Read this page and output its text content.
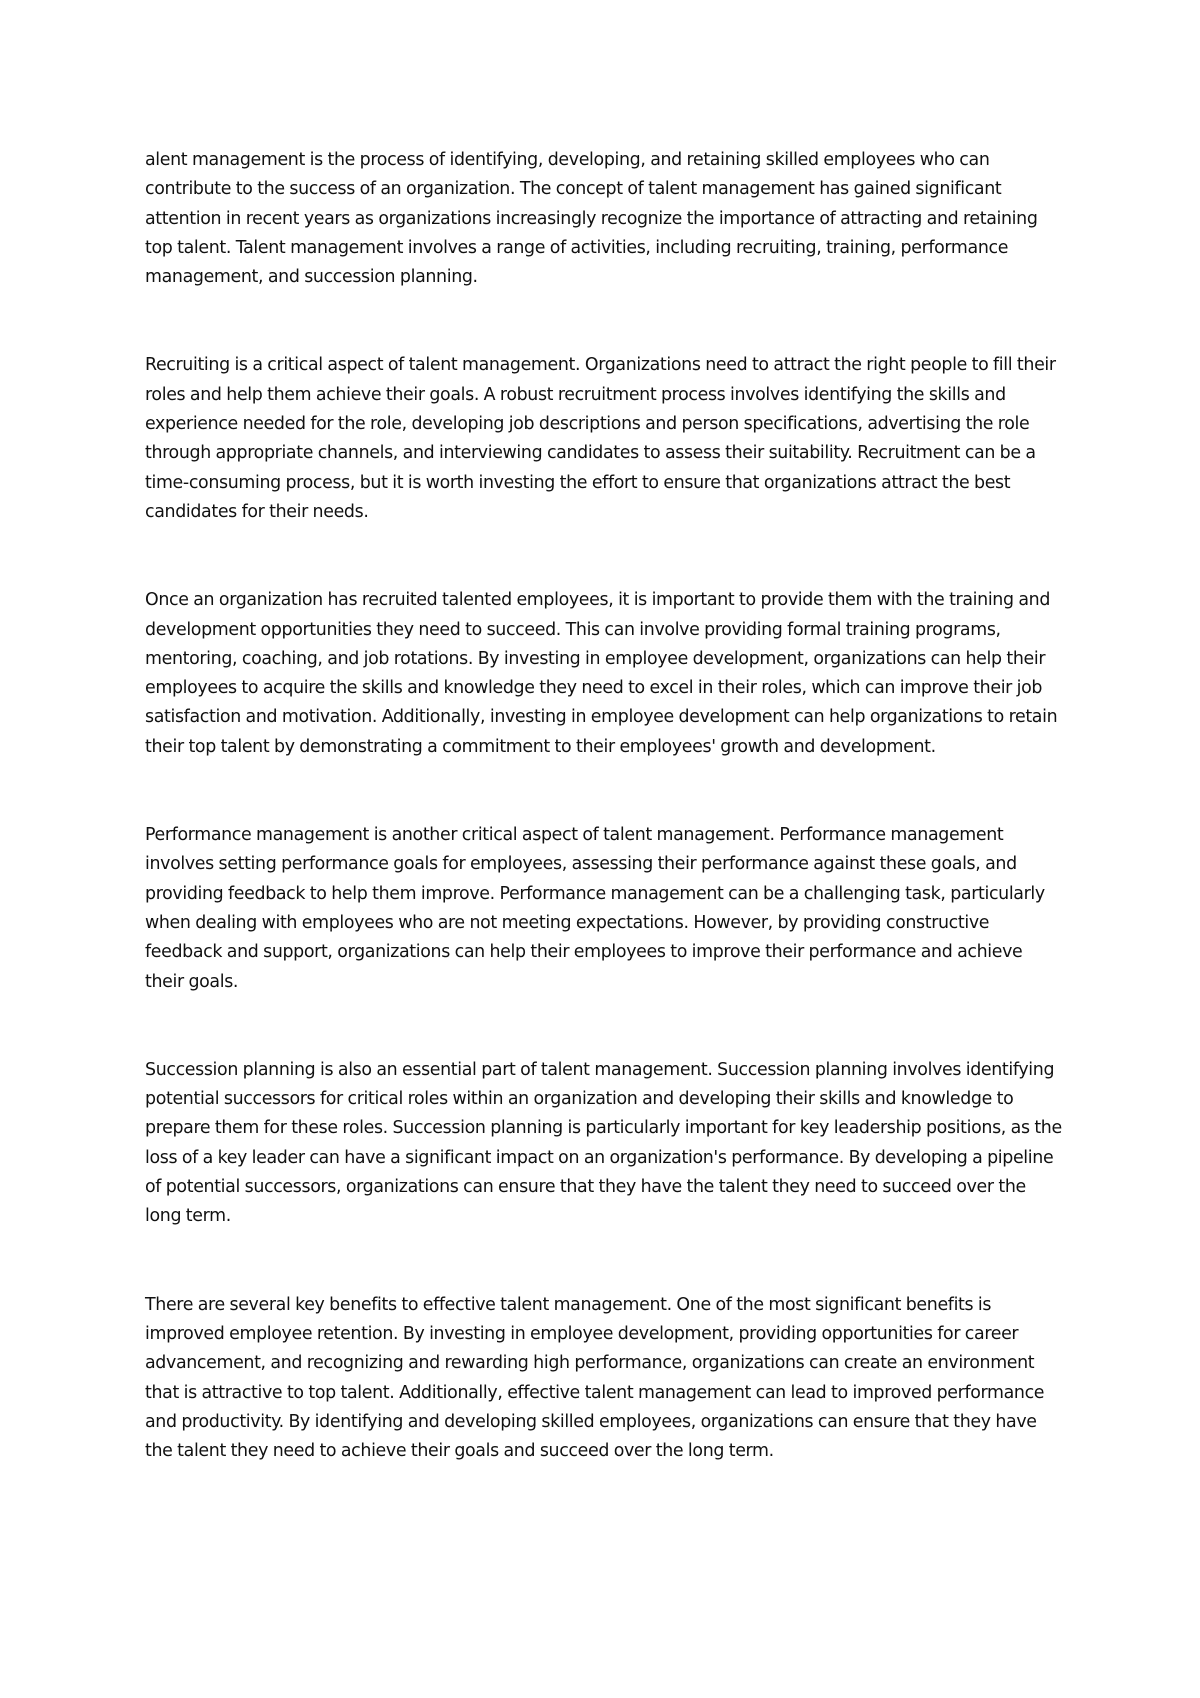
alent management is the process of identifying, developing, and retaining skilled employees who can contribute to the success of an organization. The concept of talent management has gained significant attention in recent years as organizations increasingly recognize the importance of attracting and retaining top talent. Talent management involves a range of activities, including recruiting, training, performance management, and succession planning.

Recruiting is a critical aspect of talent management. Organizations need to attract the right people to fill their roles and help them achieve their goals. A robust recruitment process involves identifying the skills and experience needed for the role, developing job descriptions and person specifications, advertising the role through appropriate channels, and interviewing candidates to assess their suitability. Recruitment can be a time-consuming process, but it is worth investing the effort to ensure that organizations attract the best candidates for their needs.

Once an organization has recruited talented employees, it is important to provide them with the training and development opportunities they need to succeed. This can involve providing formal training programs, mentoring, coaching, and job rotations. By investing in employee development, organizations can help their employees to acquire the skills and knowledge they need to excel in their roles, which can improve their job satisfaction and motivation. Additionally, investing in employee development can help organizations to retain their top talent by demonstrating a commitment to their employees' growth and development.

Performance management is another critical aspect of talent management. Performance management involves setting performance goals for employees, assessing their performance against these goals, and providing feedback to help them improve. Performance management can be a challenging task, particularly when dealing with employees who are not meeting expectations. However, by providing constructive feedback and support, organizations can help their employees to improve their performance and achieve their goals.

Succession planning is also an essential part of talent management. Succession planning involves identifying potential successors for critical roles within an organization and developing their skills and knowledge to prepare them for these roles. Succession planning is particularly important for key leadership positions, as the loss of a key leader can have a significant impact on an organization's performance. By developing a pipeline of potential successors, organizations can ensure that they have the talent they need to succeed over the long term.

There are several key benefits to effective talent management. One of the most significant benefits is improved employee retention. By investing in employee development, providing opportunities for career advancement, and recognizing and rewarding high performance, organizations can create an environment that is attractive to top talent. Additionally, effective talent management can lead to improved performance and productivity. By identifying and developing skilled employees, organizations can ensure that they have the talent they need to achieve their goals and succeed over the long term.
